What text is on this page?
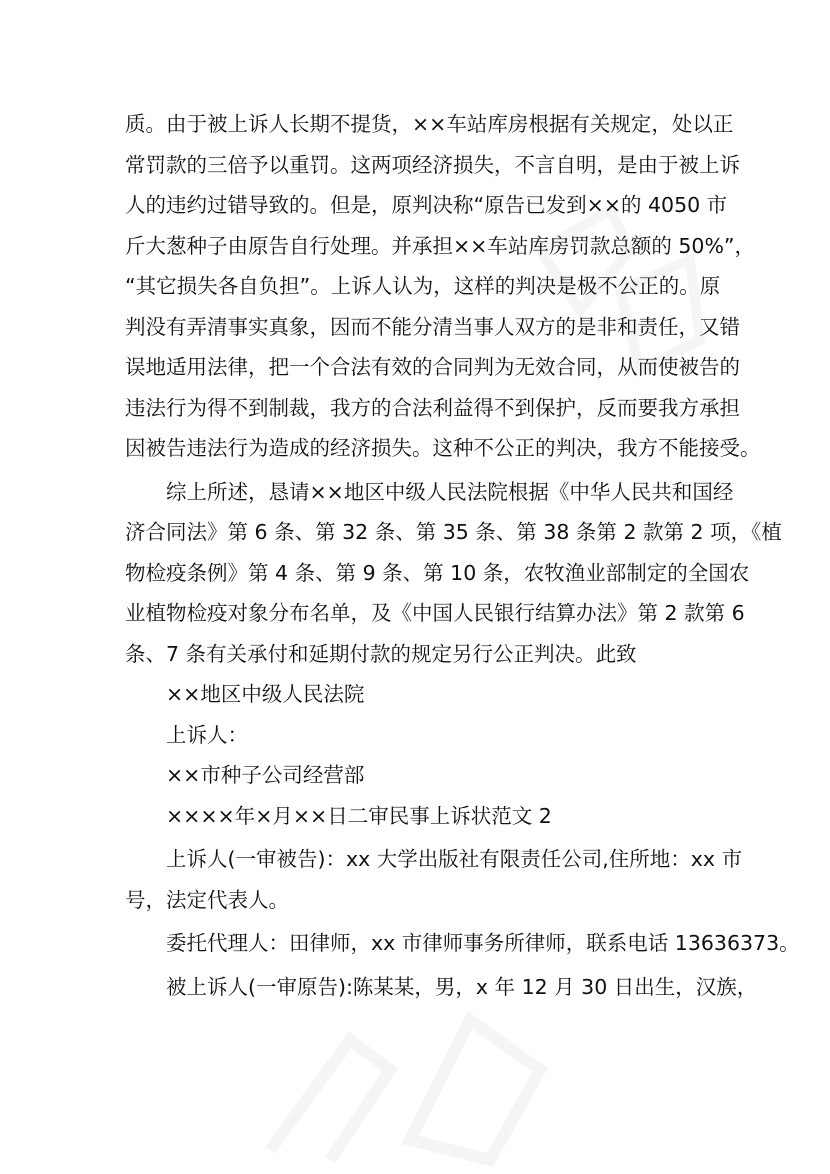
质。由于被上诉人长期不提货，××车站库房根据有关规定，处以正
常罚款的三倍予以重罚。这两项经济损失，不言自明，是由于被上诉
人的违约过错导致的。但是，原判决称“原告已发到××的 4050 市
斤大葱种子由原告自行处理。并承担××车站库房罚款总额的 50%”，
“其它损失各自负担”。上诉人认为，这样的判决是极不公正的。原
判没有弄清事实真象，因而不能分清当事人双方的是非和责任，又错
误地适用法律，把一个合法有效的合同判为无效合同，从而使被告的
违法行为得不到制裁，我方的合法利益得不到保护，反而要我方承担
因被告违法行为造成的经济损失。这种不公正的判决，我方不能接受。
综上所述，恳请××地区中级人民法院根据《中华人民共和国经
济合同法》第 6 条、第 32 条、第 35 条、第 38 条第 2 款第 2 项，《植
物检疫条例》第 4 条、第 9 条、第 10 条，农牧渔业部制定的全国农
业植物检疫对象分布名单，及《中国人民银行结算办法》第 2 款第 6
条、7 条有关承付和延期付款的规定另行公正判决。此致
××地区中级人民法院
上诉人：
××市种子公司经营部
××××年×月××日二审民事上诉状范文 2
上诉人(一审被告)：xx 大学出版社有限责任公司,住所地：xx 市
号，法定代表人。
委托代理人：田律师，xx 市律师事务所律师，联系电话 13636373。
被上诉人(一审原告):陈某某，男，x 年 12 月 30 日出生，汉族，
